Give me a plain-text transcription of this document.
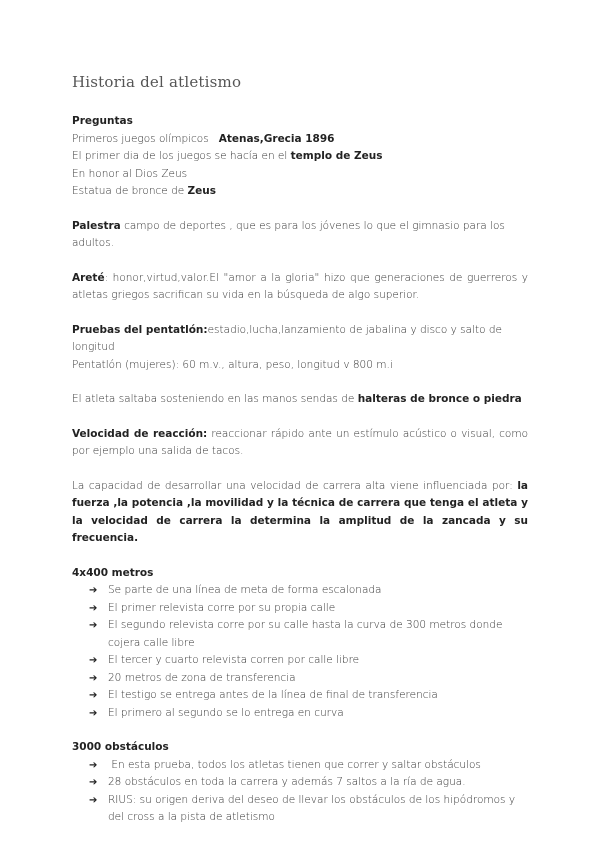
Historia del atletismo

Preguntas

Primeros juegos olímpicos   Atenas,Grecia 1896

El primer dia de los juegos se hacía en el templo de Zeus

En honor al Dios Zeus

Estatua de bronce de Zeus

Palestra campo de deportes , que es para los jóvenes lo que el gimnasio para los adultos.

Areté: honor,virtud,valor.El "amor a la gloria" hizo que generaciones de guerreros y atletas griegos sacrifican su vida en la búsqueda de algo superior.

Pruebas del pentatlón:estadio,lucha,lanzamiento de jabalina y disco y salto de longitud

Pentatlón (mujeres): 60 m.v., altura, peso, longitud v 800 m.i

El atleta saltaba sosteniendo en las manos sendas de halteras de bronce o piedra

Velocidad de reacción: reaccionar rápido ante un estímulo acústico o visual, como por ejemplo una salida de tacos.

La capacidad de desarrollar una velocidad de carrera alta viene influenciada por: la fuerza ,la potencia ,la movilidad y la técnica de carrera que tenga el atleta y la velocidad de carrera la determina la amplitud de la zancada y su frecuencia.

4x400 metros

➔ Se parte de una línea de meta de forma escalonada
➔ El primer relevista corre por su propia calle
➔ El segundo relevista corre por su calle hasta la curva de 300 metros donde cojera calle libre
➔ El tercer y cuarto relevista corren por calle libre
➔ 20 metros de zona de transferencia
➔ El testigo se entrega antes de la línea de final de transferencia
➔ El primero al segundo se lo entrega en curva

3000 obstáculos

➔ En esta prueba, todos los atletas tienen que correr y saltar obstáculos
➔ 28 obstáculos en toda la carrera y además 7 saltos a la ría de agua.
➔ RIUS: su origen deriva del deseo de llevar los obstáculos de los hipódromos y del cross a la pista de atletismo
